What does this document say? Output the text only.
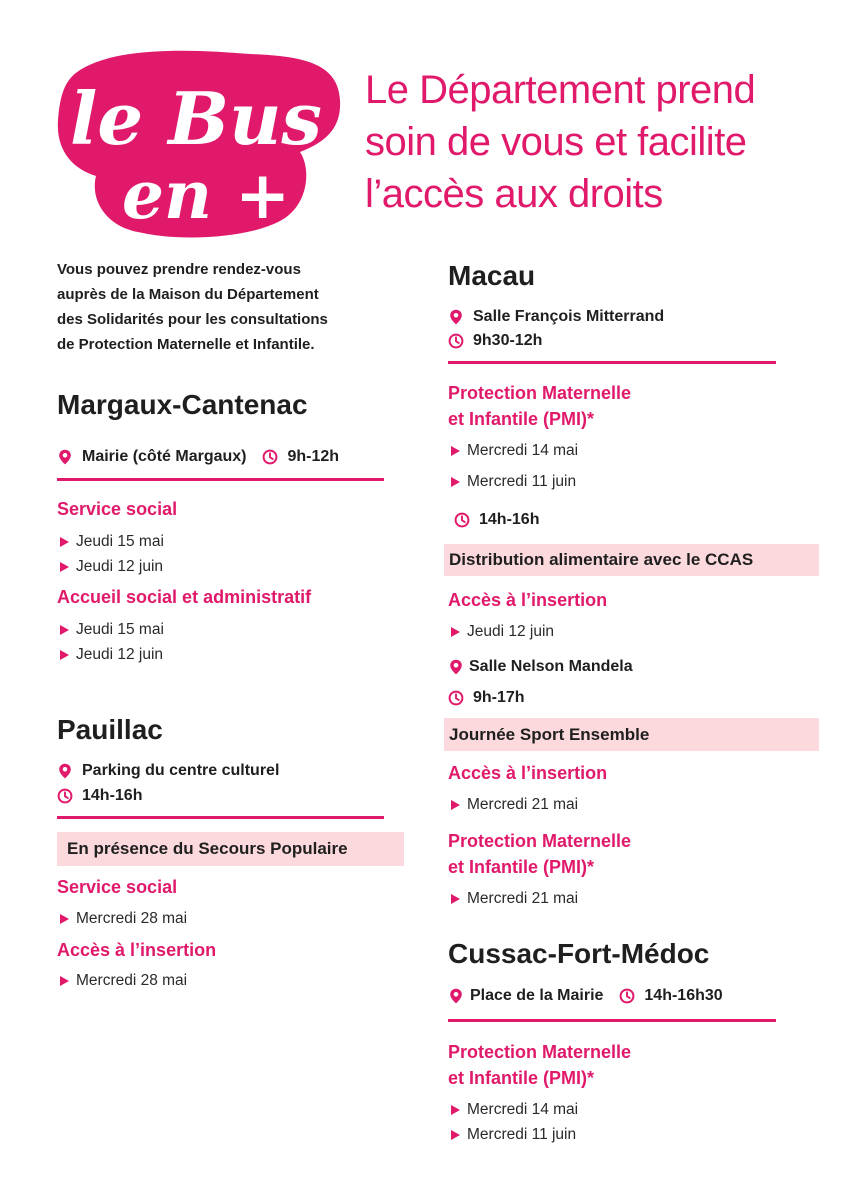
le Bus
en +
Le Département prend
soin de vous et facilite
l’accès aux droits
Vous pouvez prendre rendez-vous
auprès de la Maison du Département
des Solidarités pour les consultations
de Protection Maternelle et Infantile.
Margaux-Cantenac
Mairie (côté Margaux)	9h-12h
Service social
Jeudi 15 mai
Jeudi 12 juin
Accueil social et administratif
Jeudi 15 mai
Jeudi 12 juin
Pauillac
Parking du centre culturel
14h-16h
En présence du Secours Populaire
Service social
Mercredi 28 mai
Accès à l’insertion
Mercredi 28 mai
Macau
Salle François Mitterrand
9h30-12h
Protection Maternelle
et Infantile (PMI)*
Mercredi 14 mai
Mercredi 11 juin
14h-16h
Distribution alimentaire avec le CCAS
Accès à l’insertion
Jeudi 12 juin
Salle Nelson Mandela
9h-17h
Journée Sport Ensemble
Accès à l’insertion
Mercredi 21 mai
Protection Maternelle
et Infantile (PMI)*
Mercredi 21 mai
Cussac-Fort-Médoc
Place de la Mairie	14h-16h30
Protection Maternelle
et Infantile (PMI)*
Mercredi 14 mai
Mercredi 11 juin
